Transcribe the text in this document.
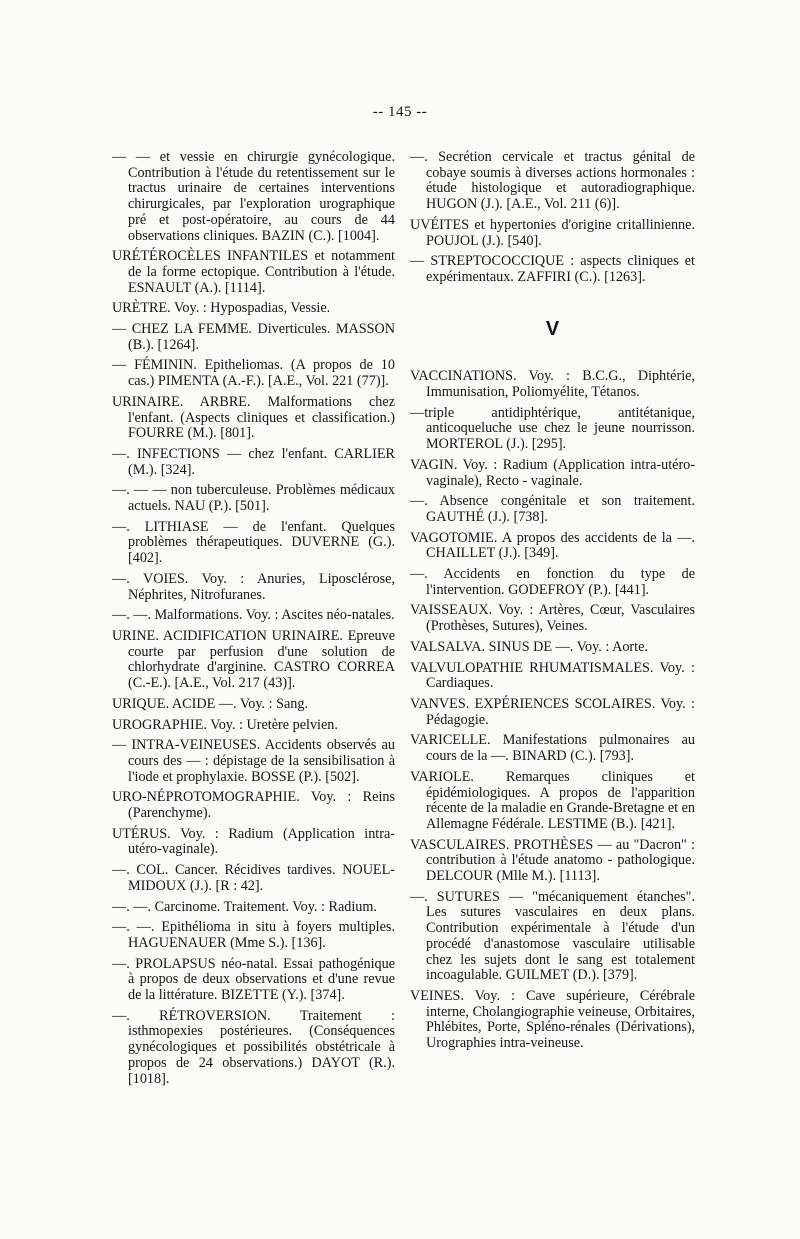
-- 145 --

— — et vessie en chirurgie gynécologique. Contribution à l'étude du retentissement sur le tractus urinaire de certaines interventions chirurgicales, par l'exploration urographique pré et post-opératoire, au cours de 44 observations cliniques. BAZIN (C.). [1004].

URÉTÉROCÈLES INFANTILES et notamment de la forme ectopique. Contribution à l'étude. ESNAULT (A.). [1114].

URÈTRE. Voy. : Hypospadias, Vessie.

— CHEZ LA FEMME. Diverticules. MASSON (B.). [1264].

— FÉMININ. Epitheliomas. (A propos de 10 cas.) PIMENTA (A.-F.). [A.E., Vol. 221 (77)].

URINAIRE. ARBRE. Malformations chez l'enfant. (Aspects cliniques et classification.) FOURRE (M.). [801].

—. INFECTIONS — chez l'enfant. CARLIER (M.). [324].

—. — — non tuberculeuse. Problèmes médicaux actuels. NAU (P.). [501].

—. LITHIASE — de l'enfant. Quelques problèmes thérapeutiques. DUVERNE (G.). [402].

—. VOIES. Voy. : Anuries, Liposclérose, Néphrites, Nitrofuranes.

—. —. Malformations. Voy. : Ascites néo-natales.

URINE. ACIDIFICATION URINAIRE. Epreuve courte par perfusion d'une solution de chlorhydrate d'arginine. CASTRO CORREA (C.-E.). [A.E., Vol. 217 (43)].

URIQUE. ACIDE —. Voy. : Sang.

UROGRAPHIE. Voy. : Uretère pelvien.

— INTRA-VEINEUSES. Accidents observés au cours des — : dépistage de la sensibilisation à l'iode et prophylaxie. BOSSE (P.). [502].

URO-NÉPROTOMOGRAPHIE. Voy. : Reins (Parenchyme).

UTÉRUS. Voy. : Radium (Application intra-utéro-vaginale).

—. COL. Cancer. Récidives tardives. NOUEL-MIDOUX (J.). [R : 42].

—. —. Carcinome. Traitement. Voy. : Radium.

—. —. Epithélioma in situ à foyers multiples. HAGUENAUER (Mme S.). [136].

—. PROLAPSUS néo-natal. Essai pathogénique à propos de deux observations et d'une revue de la littérature. BIZETTE (Y.). [374].

—. RÉTROVERSION. Traitement : isthmopexies postérieures. (Conséquences gynécologiques et possibilités obstétricale à propos de 24 observations.) DAYOT (R.). [1018].

—. Secrétion cervicale et tractus génital de cobaye soumis à diverses actions hormonales : étude histologique et autoradiographique. HUGON (J.). [A.E., Vol. 211 (6)].

UVÉITES et hypertonies d'origine critallinienne. POUJOL (J.). [540].

— STREPTOCOCCIQUE : aspects cliniques et expérimentaux. ZAFFIRI (C.). [1263].

V

VACCINATIONS. Voy. : B.C.G., Diphtérie, Immunisation, Poliomyélite, Tétanos.

—triple antidiphtérique, antitétanique, anticoqueluche use chez le jeune nourrisson. MORTEROL (J.). [295].

VAGIN. Voy. : Radium (Application intra-utéro-vaginale), Recto - vaginale.

—. Absence congénitale et son traitement. GAUTHÉ (J.). [738].

VAGOTOMIE. A propos des accidents de la —. CHAILLET (J.). [349].

—. Accidents en fonction du type de l'intervention. GODEFROY (P.). [441].

VAISSEAUX. Voy. : Artères, Cœur, Vasculaires (Prothèses, Sutures), Veines.

VALSALVA. SINUS DE —. Voy. : Aorte.

VALVULOPATHIE RHUMATISMALES. Voy. : Cardiaques.

VANVES. EXPÉRIENCES SCOLAIRES. Voy. : Pédagogie.

VARICELLE. Manifestations pulmonaires au cours de la —. BINARD (C.). [793].

VARIOLE. Remarques cliniques et épidémiologiques. A propos de l'apparition récente de la maladie en Grande-Bretagne et en Allemagne Fédérale. LESTIME (B.). [421].

VASCULAIRES. PROTHÈSES — au "Dacron" : contribution à l'étude anatomo - pathologique. DELCOUR (Mlle M.). [1113].

—. SUTURES — "mécaniquement étanches". Les sutures vasculaires en deux plans. Contribution expérimentale à l'étude d'un procédé d'anastomose vasculaire utilisable chez les sujets dont le sang est totalement incoagulable. GUILMET (D.). [379].

VEINES. Voy. : Cave supérieure, Cérébrale interne, Cholangiographie veineuse, Orbitaires, Phlébites, Porte, Spléno-rénales (Dérivations), Urographies intra-veineuse.
